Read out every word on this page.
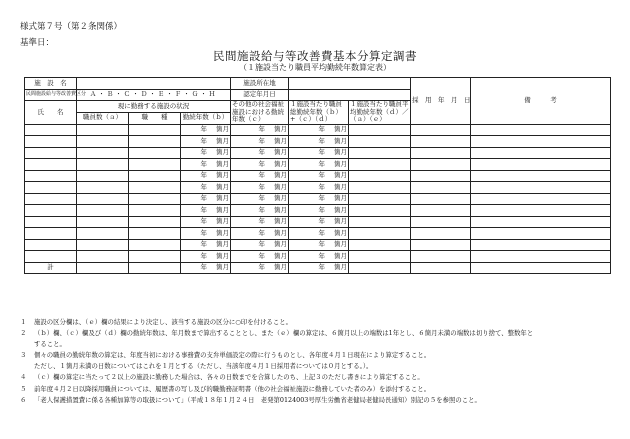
様式第７号（第２条関係）
基準日：
民間施設給与等改善費基本分算定調書
（１施設当たり職員平均勤続年数算定表）
施　設　名				施設所在地			採　用　年　月　日	備　　　考
民間施設給与等改善費区分	Ａ・Ｂ・Ｃ・Ｄ・Ｅ・Ｆ・Ｇ・Ｈ			認定年月日				
氏　　名	現に勤務する施設の状況			その他の社会福祉施設における勤続年数（ｃ）	１施設当たり職員総勤続年数（ｂ）+（ｃ）（ｄ）	１施設当たり職員平均勤続年数（ｄ）／（ａ）（ｅ）		
	職員数（ａ）	職　　種	勤続年数（ｂ）					
			年 箇月	年 箇月	年 箇月			
			年 箇月	年 箇月	年 箇月			
			年 箇月	年 箇月	年 箇月			
			年 箇月	年 箇月	年 箇月			
			年 箇月	年 箇月	年 箇月			
			年 箇月	年 箇月	年 箇月			
			年 箇月	年 箇月	年 箇月			
			年 箇月	年 箇月	年 箇月			
			年 箇月	年 箇月	年 箇月			
			年 箇月	年 箇月	年 箇月			
			年 箇月	年 箇月	年 箇月			
			年 箇月	年 箇月	年 箇月			
計			年 箇月	年 箇月	年 箇月			
１ 施設の区分欄は、（ｅ）欄の結果により決定し、該当する施設の区分に○印を付けること。
２ （ｂ）欄、（ｃ）欄及び（ｄ）欄の勤続年数は、年月数まで算出することとし、また（ｅ）欄の算定は、６箇月以上の端数は1年とし、６箇月未満の端数は切り捨て、整数年と
すること。
３ 個々の職員の勤続年数の算定は、年度当初における事務費の支弁単価設定の際に行うものとし、各年度４月１日現在により算定すること。
ただし、１箇月未満の日数についてはこれを１月とする（ただし、当該年度４月１日採用者については０月とする。）。
４ （ｃ）欄の算定に当たって２以上の施設に勤務した場合は、各々の日数までを合算したのち、上記３のただし書きにより算定すること。
５ 前年度４月２日以降採用職員については、履歴書の写し及び的職勤務証明書（他の社会福祉施設に勤務していた者のみ）を添付すること。
６ 「老人保護措置費に係る各種加算等の取扱について」（平成１８年１月２４日　老発第0124003号厚生労働省老健局老健局長通知）別記の５を参照のこと。
